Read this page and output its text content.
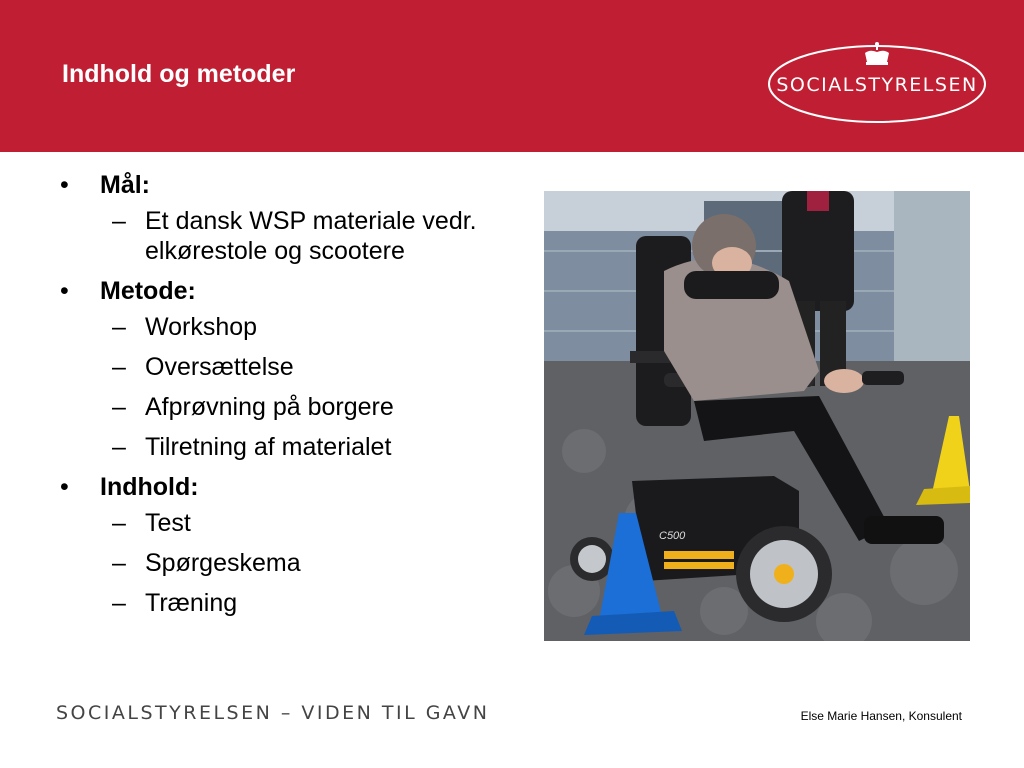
Indhold og metoder	SOCIALSTYRELSEN
• Mål:
– Et dansk WSP materiale vedr. elkørestole og scootere
• Metode:
– Workshop
– Oversættelse
– Afprøvning på borgere
– Tilretning af materialet
• Indhold:
– Test
– Spørgeskema
– Træning
C500
SOCIALSTYRELSEN – VIDEN TIL GAVN	Else Marie Hansen, Konsulent
